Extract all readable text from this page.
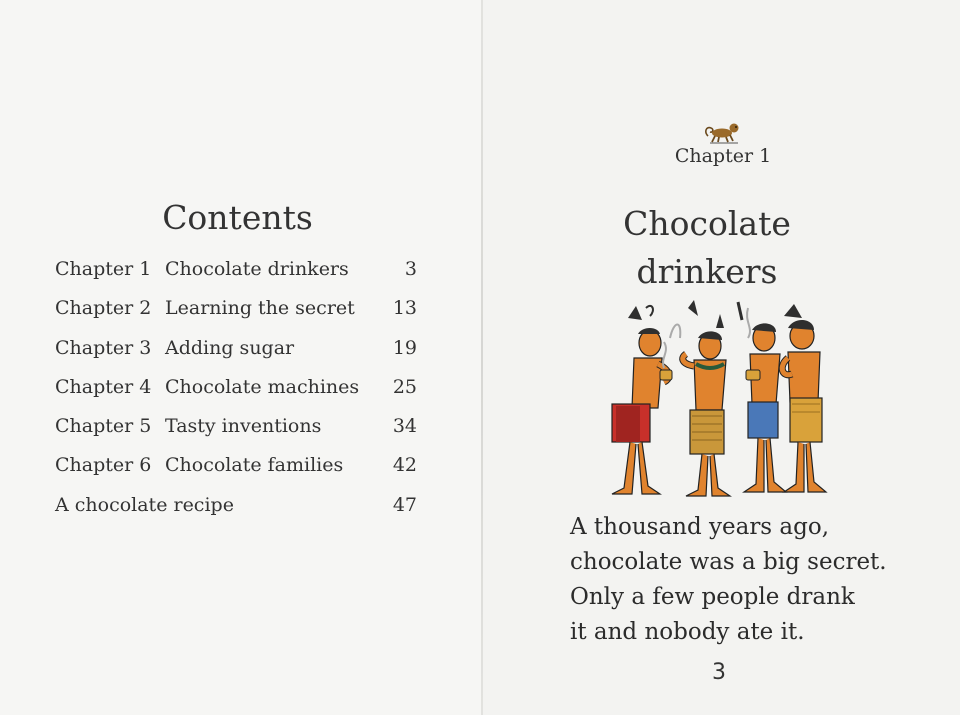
Contents
Chapter 1 Chocolate drinkers	3
Chapter 2 Learning the secret 13
Chapter 3 Adding sugar	19
Chapter 4 Chocolate machines 25
Chapter 5 Tasty inventions	34
Chapter 6 Chocolate families	42
A chocolate recipe	47
Chapter 1
Chocolate
drinkers
A thousand years ago,
chocolate was a big secret.
Only a few people drank
it and nobody ate it.
3
